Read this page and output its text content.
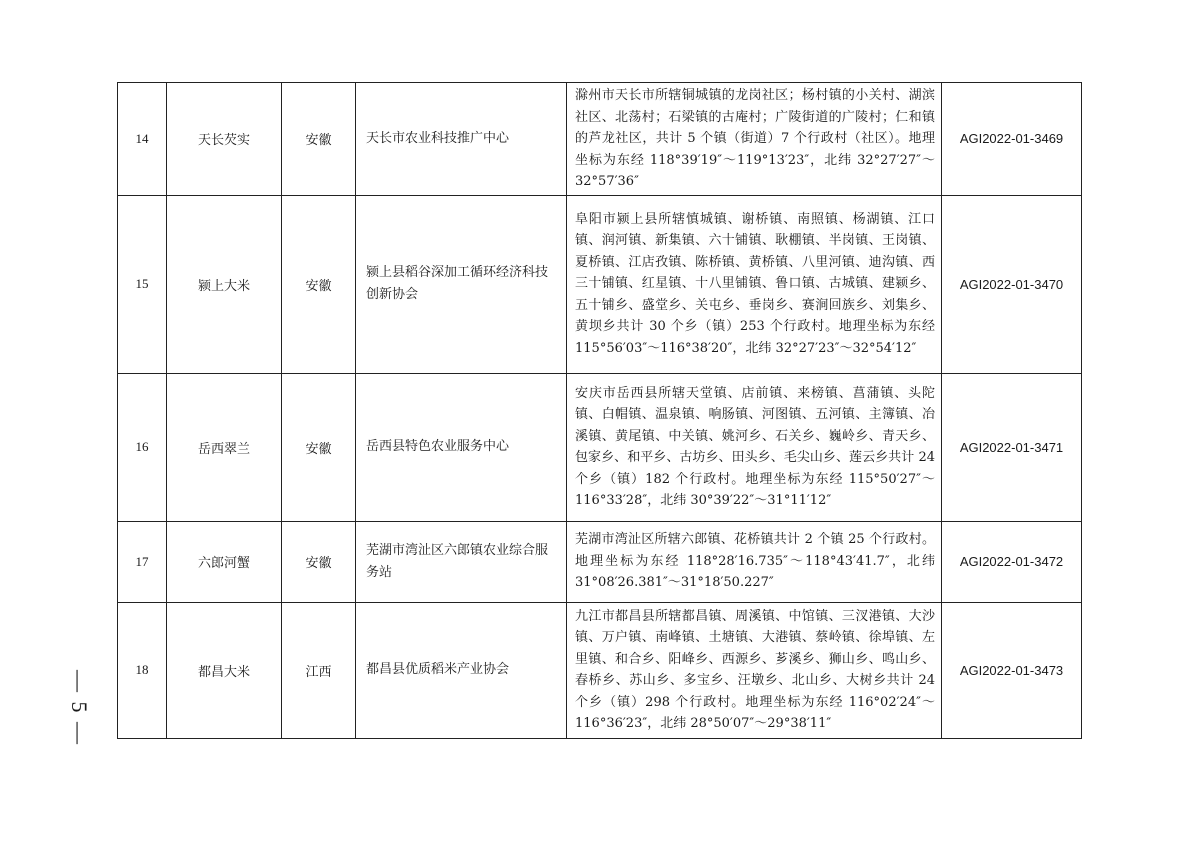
14	天长芡实	安徽	天长市农业科技推广中心	滁州市天长市所辖铜城镇的龙岗社区；杨村镇的小关村、湖滨社区、北荡村；石梁镇的古庵村；广陵街道的广陵村；仁和镇的芦龙社区，共计 5 个镇（街道）7 个行政村（社区）。地理坐标为东经 118°39′19″～119°13′23″，北纬 32°27′27″～32°57′36″	AGI2022-01-3469
15	颍上大米	安徽	颍上县稻谷深加工循环经济科技创新协会	阜阳市颍上县所辖慎城镇、谢桥镇、南照镇、杨湖镇、江口镇、润河镇、新集镇、六十铺镇、耿棚镇、半岗镇、王岗镇、夏桥镇、江店孜镇、陈桥镇、黄桥镇、八里河镇、迪沟镇、西三十铺镇、红星镇、十八里铺镇、鲁口镇、古城镇、建颍乡、五十铺乡、盛堂乡、关屯乡、垂岗乡、赛涧回族乡、刘集乡、黄坝乡共计 30 个乡（镇）253 个行政村。地理坐标为东经 115°56′03″～116°38′20″，北纬 32°27′23″～32°54′12″	AGI2022-01-3470
16	岳西翠兰	安徽	岳西县特色农业服务中心	安庆市岳西县所辖天堂镇、店前镇、来榜镇、菖蒲镇、头陀镇、白帽镇、温泉镇、响肠镇、河图镇、五河镇、主簿镇、冶溪镇、黄尾镇、中关镇、姚河乡、石关乡、巍岭乡、青天乡、包家乡、和平乡、古坊乡、田头乡、毛尖山乡、莲云乡共计 24 个乡（镇）182 个行政村。地理坐标为东经 115°50′27″～116°33′28″，北纬 30°39′22″～31°11′12″	AGI2022-01-3471
17	六郎河蟹	安徽	芜湖市湾沚区六郎镇农业综合服务站	芜湖市湾沚区所辖六郎镇、花桥镇共计 2 个镇 25 个行政村。地理坐标为东经 118°28′16.735″～118°43′41.7″，北纬 31°08′26.381″～31°18′50.227″	AGI2022-01-3472
18	都昌大米	江西	都昌县优质稻米产业协会	九江市都昌县所辖都昌镇、周溪镇、中馆镇、三汊港镇、大沙镇、万户镇、南峰镇、土塘镇、大港镇、蔡岭镇、徐埠镇、左里镇、和合乡、阳峰乡、西源乡、芗溪乡、狮山乡、鸣山乡、春桥乡、苏山乡、多宝乡、汪墩乡、北山乡、大树乡共计 24 个乡（镇）298 个行政村。地理坐标为东经 116°02′24″～116°36′23″，北纬 28°50′07″～29°38′11″	AGI2022-01-3473
— 5 —
